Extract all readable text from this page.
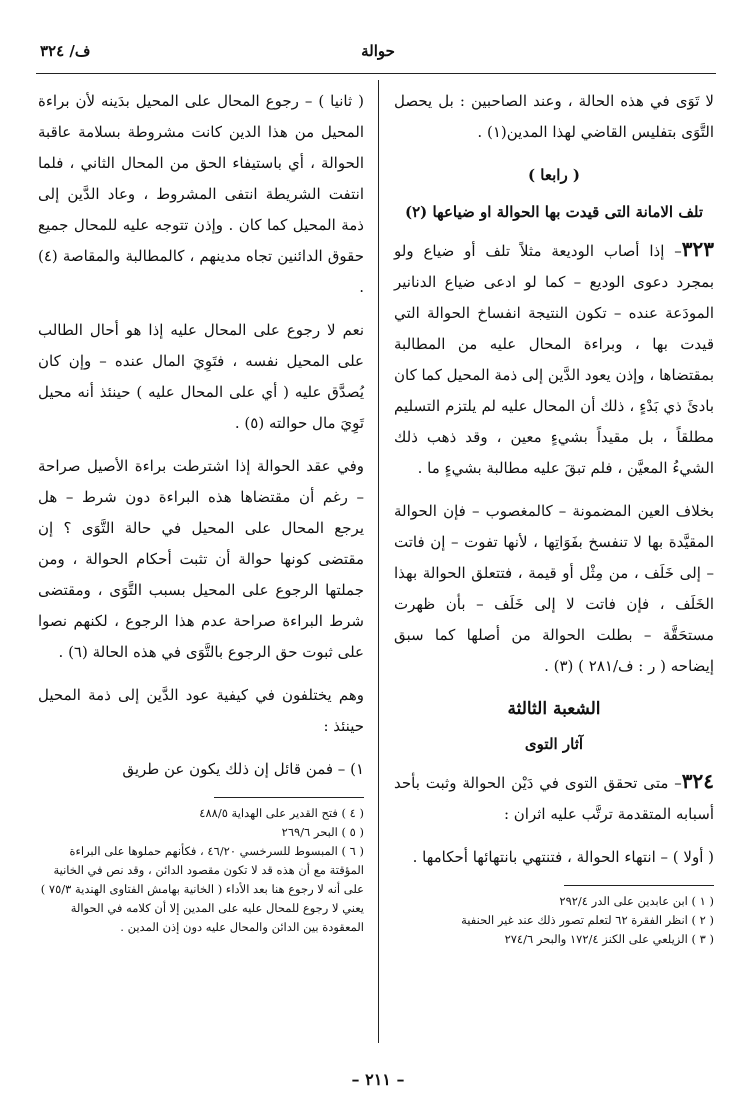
حوالة
ف/ ٣٢٤

لا تَوَى في هذه الحالة ، وعند الصاحبين : بل يحصل التَّوَى بتفليس القاضي لهذا المدين(١) .

( رابعا )
تلف الامانة التى قيدت بها الحوالة او ضياعها (٢)

٣٢٣– إذا أصاب الوديعة مثلاً تلف أو ضياع ولو بمجرد دعوى الوديع – كما لو ادعى ضياع الدنانير المودَعة عنده – تكون النتيجة انفساخ الحوالة التي قيدت بها ، وبراءة المحال عليه من المطالبة بمقتضاها ، وإذن يعود الدَّين إلى ذمة المحيل كما كان بادئَ ذي بَدْءٍ ، ذلك أن المحال عليه لم يلتزم التسليم مطلقاً ، بل مقيداً بشيءٍ معين ، وقد ذهب ذلك الشيءُ المعيَّن ، فلم تبقَ عليه مطالبة بشيءٍ ما .

بخلاف العين المضمونة – كالمغصوب – فإن الحوالة المقيَّدة بها لا تنفسخ بفَوَاتِها ، لأنها تفوت – إن فاتت – إلى خَلَف ، من مِثْل أو قيمة ، فتتعلق الحوالة بهذا الخَلَف ، فإن فاتت لا إلى خَلَف – بأن ظهرت مستحَقَّة – بطلت الحوالة من أصلها كما سبق إيضاحه ( ر : ف/٢٨١ ) (٣) .

الشعبة الثالثة
آثار التوى

٣٢٤– متى تحقق التوى في دَيْن الحوالة وثبت بأحد أسبابه المتقدمة ترتَّب عليه اثران :

( أولا ) – انتهاء الحوالة ، فتنتهي بانتهائها أحكامها .

( ١ ) ابن عابدين على الدر ٢٩٢/٤
( ٢ ) انظر الفقرة ٦٢ لتعلم تصور ذلك عند غير الحنفية
( ٣ ) الزيلعي على الكنز ١٧٢/٤ والبحر ٢٧٤/٦

( ثانيا ) – رجوع المحال على المحيل بدَينه لأن براءة المحيل من هذا الدين كانت مشروطة بسلامة عاقبة الحوالة ، أي باستيفاء الحق من المحال الثاني ، فلما انتفت الشريطة انتفى المشروط ، وعاد الدَّين إلى ذمة المحيل كما كان . وإذن تتوجه عليه للمحال جميع حقوق الدائنين تجاه مدينهم ، كالمطالبة والمقاصة (٤) .

نعم لا رجوع على المحال عليه إذا هو أحال الطالب على المحيل نفسه ، فتَوِيَ المال عنده – وإن كان يُصدَّق عليه ( أي على المحال عليه ) حينئذ أنه محيل تَوِيَ مال حوالته (٥) .

وفي عقد الحوالة إذا اشترطت براءة الأصيل صراحة – رغم أن مقتضاها هذه البراءة دون شرط – هل يرجع المحال على المحيل في حالة التَّوَى ؟ إن مقتضى كونها حوالة أن تثبت أحكام الحوالة ، ومن جملتها الرجوع على المحيل بسبب التَّوَى ، ومقتضى شرط البراءة صراحة عدم هذا الرجوع ، لكنهم نصوا على ثبوت حق الرجوع بالتَّوَى في هذه الحالة (٦) .

وهم يختلفون في كيفية عود الدَّين إلى ذمة المحيل حينئذ :

١) – فمن قائل إن ذلك يكون عن طريق

( ٤ ) فتح القدير على الهداية ٤٨٨/٥
( ٥ ) البحر ٢٦٩/٦
( ٦ ) المبسوط للسرخسي ٤٦/٢٠ ، فكأنهم حملوها على البراءة المؤقتة مع أن هذه قد لا تكون مقصود الدائن ، وقد نص في الخانية على أنه لا رجوع هنا بعد الأداء ( الخانية بهامش الفتاوى الهندية ٧٥/٣ ) يعني لا رجوع للمحال عليه على المدين إلا أن كلامه في الحوالة المعقودة بين الدائن والمحال عليه دون إذن المدين .
– ٢١١ –
